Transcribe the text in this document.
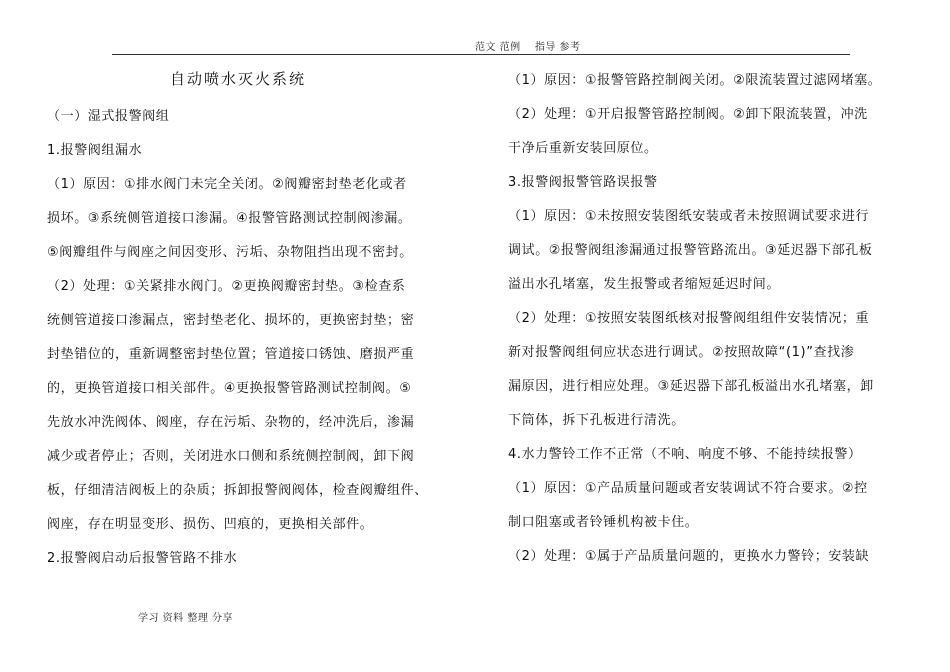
范文 范例　 指导 参考
自动喷水灭火系统

（一）湿式报警阀组

1.报警阀组漏水

（1）原因：①排水阀门未完全关闭。②阀瓣密封垫老化或者

损坏。③系统侧管道接口渗漏。④报警管路测试控制阀渗漏。

⑤阀瓣组件与阀座之间因变形、污垢、杂物阻挡出现不密封。

（2）处理：①关紧排水阀门。②更换阀瓣密封垫。③检查系

统侧管道接口渗漏点，密封垫老化、损坏的，更换密封垫；密

封垫错位的，重新调整密封垫位置；管道接口锈蚀、磨损严重

的，更换管道接口相关部件。④更换报警管路测试控制阀。⑤

先放水冲洗阀体、阀座，存在污垢、杂物的，经冲洗后，渗漏

减少或者停止；否则，关闭进水口侧和系统侧控制阀，卸下阀

板，仔细清洁阀板上的杂质；拆卸报警阀阀体，检查阀瓣组件、

阀座，存在明显变形、损伤、凹痕的，更换相关部件。

2.报警阀启动后报警管路不排水

（1）原因：①报警管路控制阀关闭。②限流装置过滤网堵塞。

（2）处理：①开启报警管路控制阀。②卸下限流装置，冲洗

干净后重新安装回原位。

3.报警阀报警管路误报警

（1）原因：①未按照安装图纸安装或者未按照调试要求进行

调试。②报警阀组渗漏通过报警管路流出。③延迟器下部孔板

溢出水孔堵塞，发生报警或者缩短延迟时间。

（2）处理：①按照安装图纸核对报警阀组组件安装情况；重

新对报警阀组伺应状态进行调试。②按照故障“(1)”查找渗

漏原因，进行相应处理。③延迟器下部孔板溢出水孔堵塞，卸

下筒体，拆下孔板进行清洗。

4.水力警铃工作不正常（不响、响度不够、不能持续报警）

（1）原因：①产品质量问题或者安装调试不符合要求。②控

制口阻塞或者铃锤机构被卡住。

（2）处理：①属于产品质量问题的，更换水力警铃；安装缺

学习 资料 整理 分享
